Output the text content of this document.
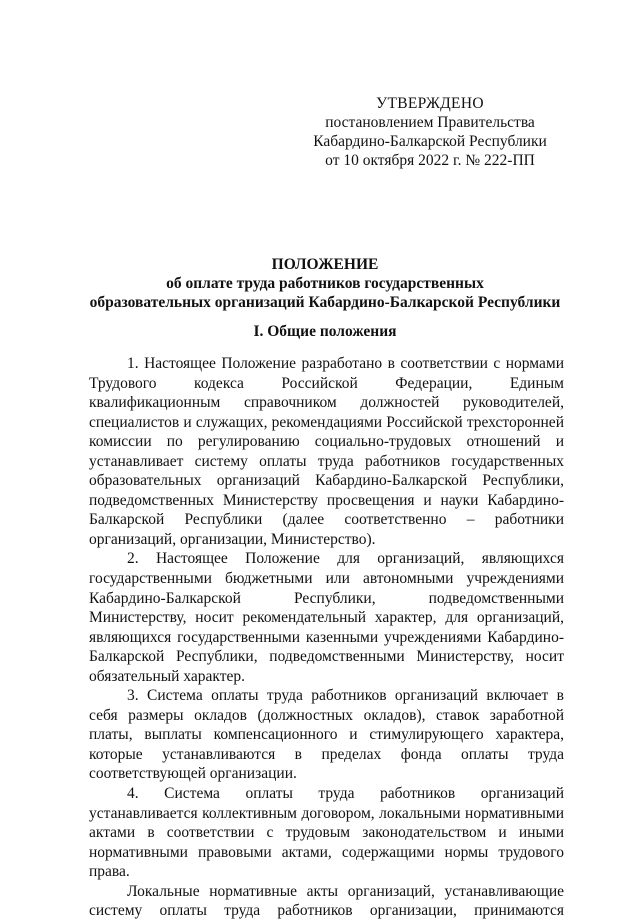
УТВЕРЖДЕНО
постановлением Правительства
Кабардино-Балкарской Республики
от 10 октября 2022 г. № 222-ПП
ПОЛОЖЕНИЕ
об оплате труда работников государственных
образовательных организаций Кабардино-Балкарской Республики
I. Общие положения

1. Настоящее Положение разработано в соответствии с нормами Трудового кодекса Российской Федерации, Единым квалификационным справочником должностей руководителей, специалистов и служащих, рекомендациями Российской трехсторонней комиссии по регулированию социально-трудовых отношений и устанавливает систему оплаты труда работников государственных образовательных организаций Кабардино-Балкарской Республики, подведомственных Министерству просвещения и науки Кабардино-Балкарской Республики (далее соответственно – работники организаций, организации, Министерство).

2. Настоящее Положение для организаций, являющихся государственными бюджетными или автономными учреждениями Кабардино-Балкарской Республики, подведомственными Министерству, носит рекомендательный характер, для организаций, являющихся государственными казенными учреждениями Кабардино-Балкарской Республики, подведомственными Министерству, носит обязательный характер.

3. Система оплаты труда работников организаций включает в себя размеры окладов (должностных окладов), ставок заработной платы, выплаты компенсационного и стимулирующего характера, которые устанавливаются в пределах фонда оплаты труда соответствующей организации.

4. Система оплаты труда работников организаций устанавливается коллективным договором, локальными нормативными актами в соответствии с трудовым законодательством и иными нормативными правовыми актами, содержащими нормы трудового права.

Локальные нормативные акты организаций, устанавливающие систему оплаты труда работников организации, принимаются
